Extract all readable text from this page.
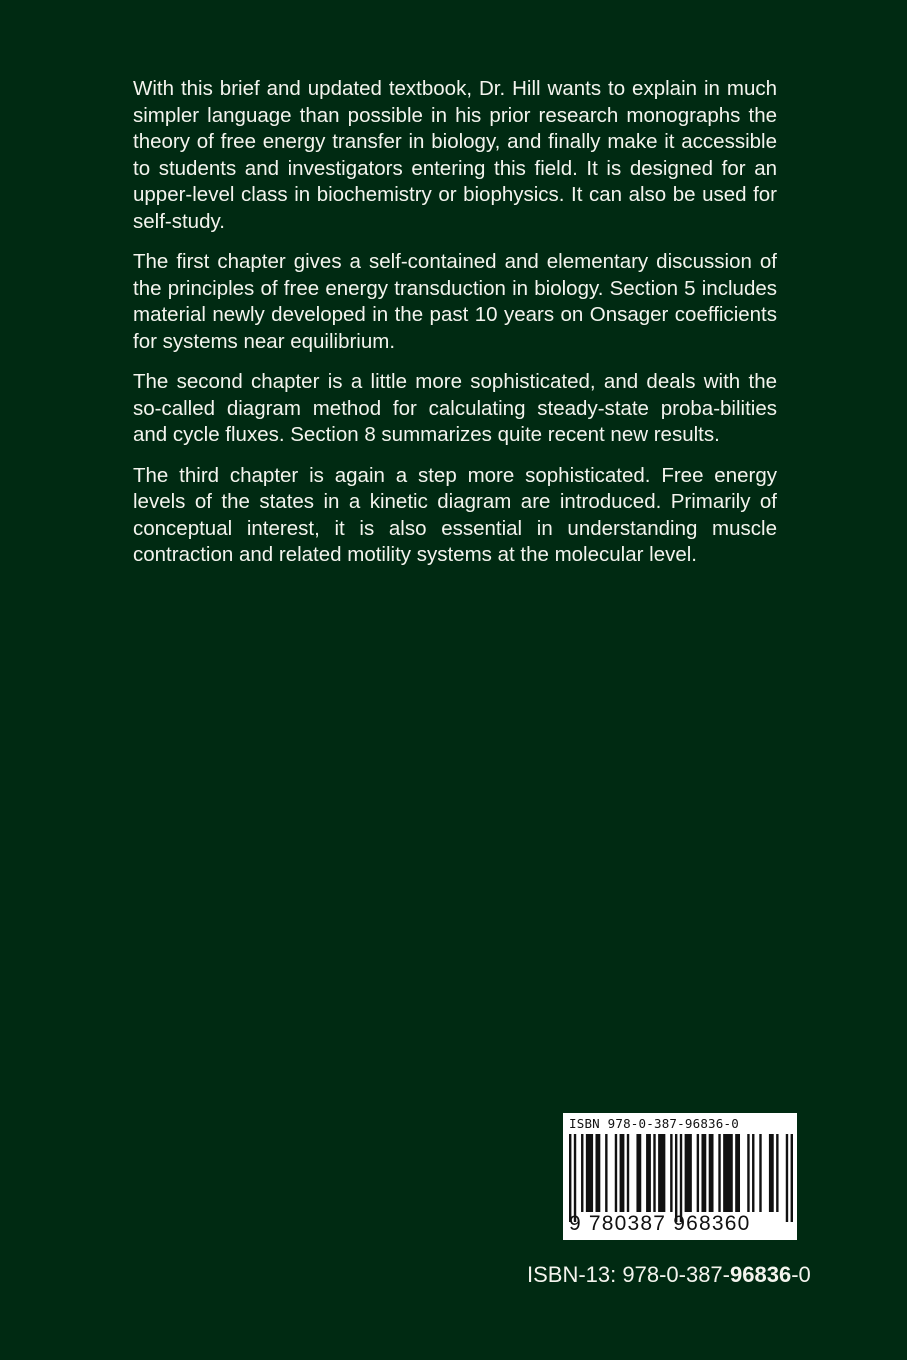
With this brief and updated textbook, Dr. Hill wants to explain in much simpler language than possible in his prior research monographs the theory of free energy transfer in biology, and finally make it accessible to students and investigators entering this field. It is designed for an upper-level class in biochemistry or biophysics. It can also be used for self-study.

The first chapter gives a self-contained and elementary discussion of the principles of free energy transduction in biology. Section 5 includes material newly developed in the past 10 years on Onsager coefficients for systems near equilibrium.

The second chapter is a little more sophisticated, and deals with the so-called diagram method for calculating steady-state proba-bilities and cycle fluxes. Section 8 summarizes quite recent new results.

The third chapter is again a step more sophisticated. Free energy levels of the states in a kinetic diagram are introduced. Primarily of conceptual interest, it is also essential in understanding muscle contraction and related motility systems at the molecular level.

ISBN 978-0-387-96836-0
9 780387 968360
ISBN-13: 978-0-387-96836-0
